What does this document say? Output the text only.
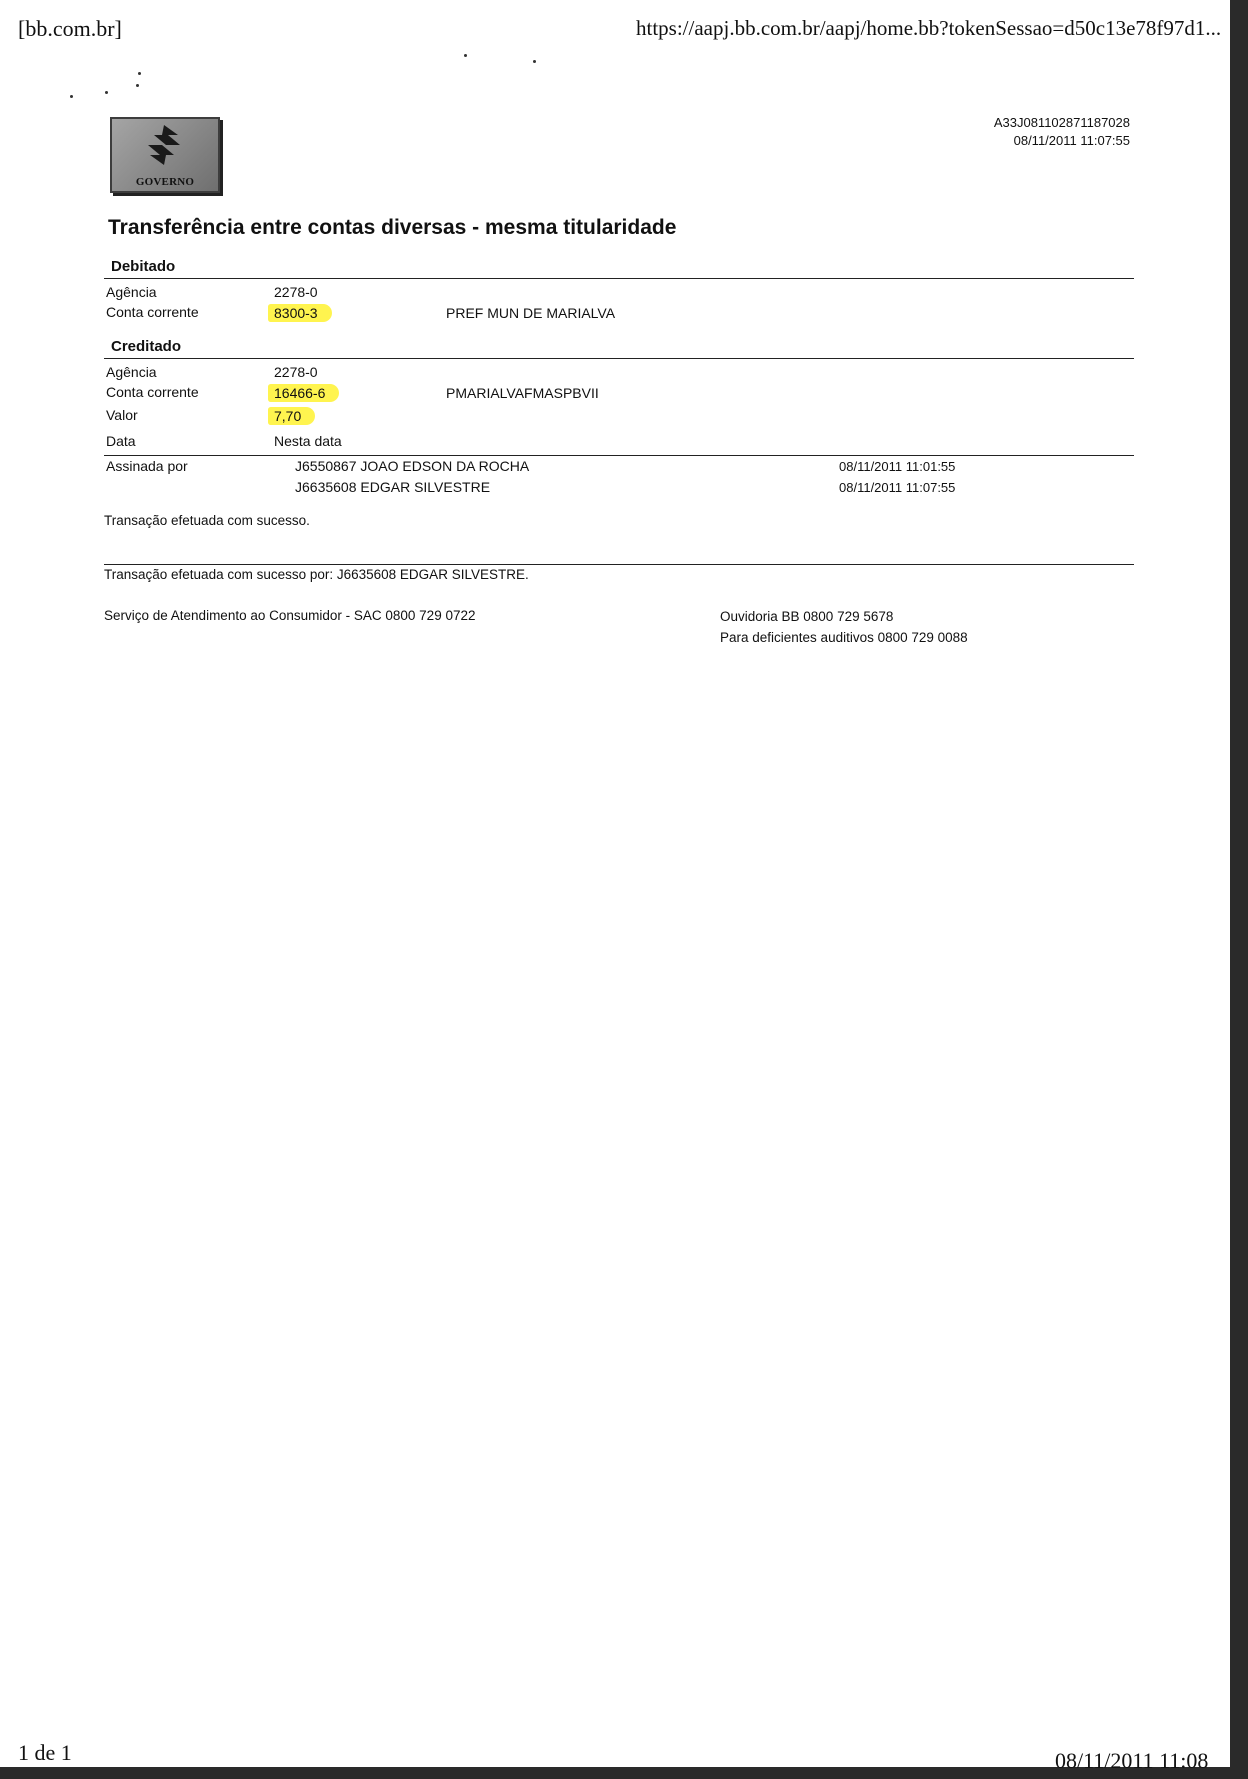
[bb.com.br]	https://aapj.bb.com.br/aapj/home.bb?tokenSessao=d50c13e78f97d1...
GOVERNO
A33J081102871187028
08/11/2011 11:07:55
Transferência entre contas diversas - mesma titularidade
Debitado
Agência	2278-0
Conta corrente	8300-3	PREF MUN DE MARIALVA
Creditado
Agência	2278-0
Conta corrente	16466-6	PMARIALVAFMASPBVII
Valor	7,70
Data	Nesta data
Assinada por	J6550867 JOAO EDSON DA ROCHA	08/11/2011 11:01:55
J6635608 EDGAR SILVESTRE	08/11/2011 11:07:55
Transação efetuada com sucesso.
Transação efetuada com sucesso por: J6635608 EDGAR SILVESTRE.
Serviço de Atendimento ao Consumidor - SAC 0800 729 0722	Ouvidoria BB 0800 729 5678
Para deficientes auditivos 0800 729 0088
1 de 1	08/11/2011 11:08
